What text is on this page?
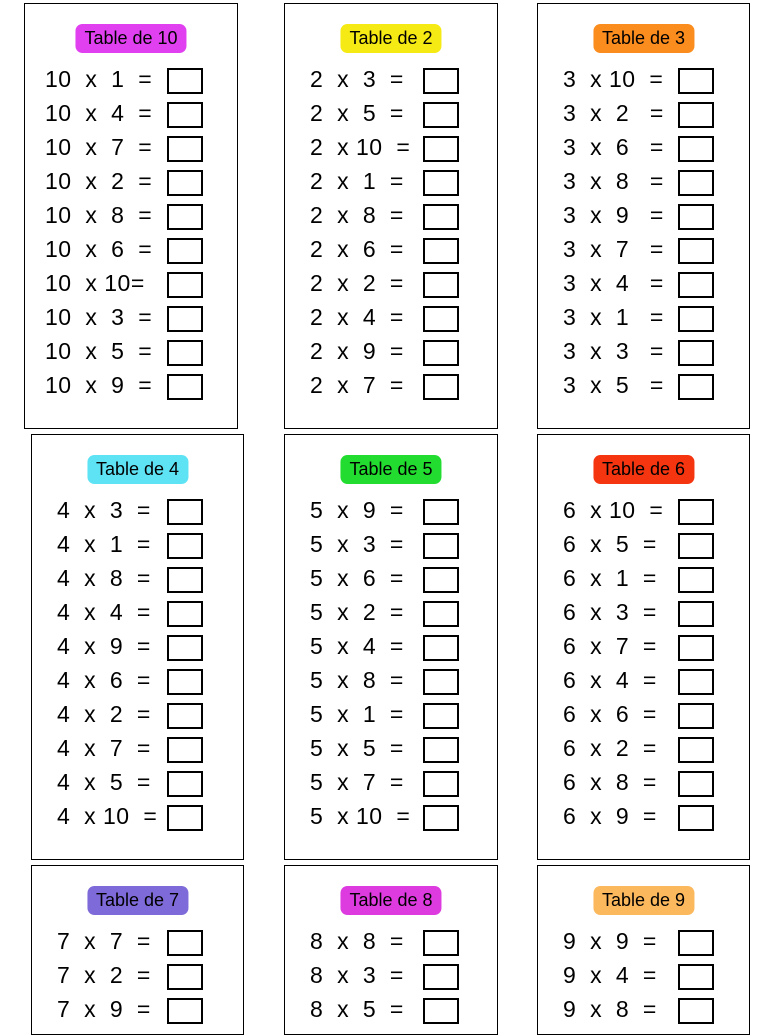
Table de 10
10  x  1  =
10  x  4  =
10  x  7  =
10  x  2  =
10  x  8  =
10  x  6  =
10  x 10=
10  x  3  =
10  x  5  =
10  x  9  =
Table de 2
2  x  3  =
2  x  5  =
2  x 10  =
2  x  1  =
2  x  8  =
2  x  6  =
2  x  2  =
2  x  4  =
2  x  9  =
2  x  7  =
Table de 3
3  x 10  =
3  x  2   =
3  x  6   =
3  x  8   =
3  x  9   =
3  x  7   =
3  x  4   =
3  x  1   =
3  x  3   =
3  x  5   =
Table de 4
4  x  3  =
4  x  1  =
4  x  8  =
4  x  4  =
4  x  9  =
4  x  6  =
4  x  2  =
4  x  7  =
4  x  5  =
4  x 10  =
Table de 5
5  x  9  =
5  x  3  =
5  x  6  =
5  x  2  =
5  x  4  =
5  x  8  =
5  x  1  =
5  x  5  =
5  x  7  =
5  x 10  =
Table de 6
6  x 10  =
6  x  5  =
6  x  1  =
6  x  3  =
6  x  7  =
6  x  4  =
6  x  6  =
6  x  2  =
6  x  8  =
6  x  9  =
Table de 7
7  x  7  =
7  x  2  =
7  x  9  =
Table de 8
8  x  8  =
8  x  3  =
8  x  5  =
Table de 9
9  x  9  =
9  x  4  =
9  x  8  =
